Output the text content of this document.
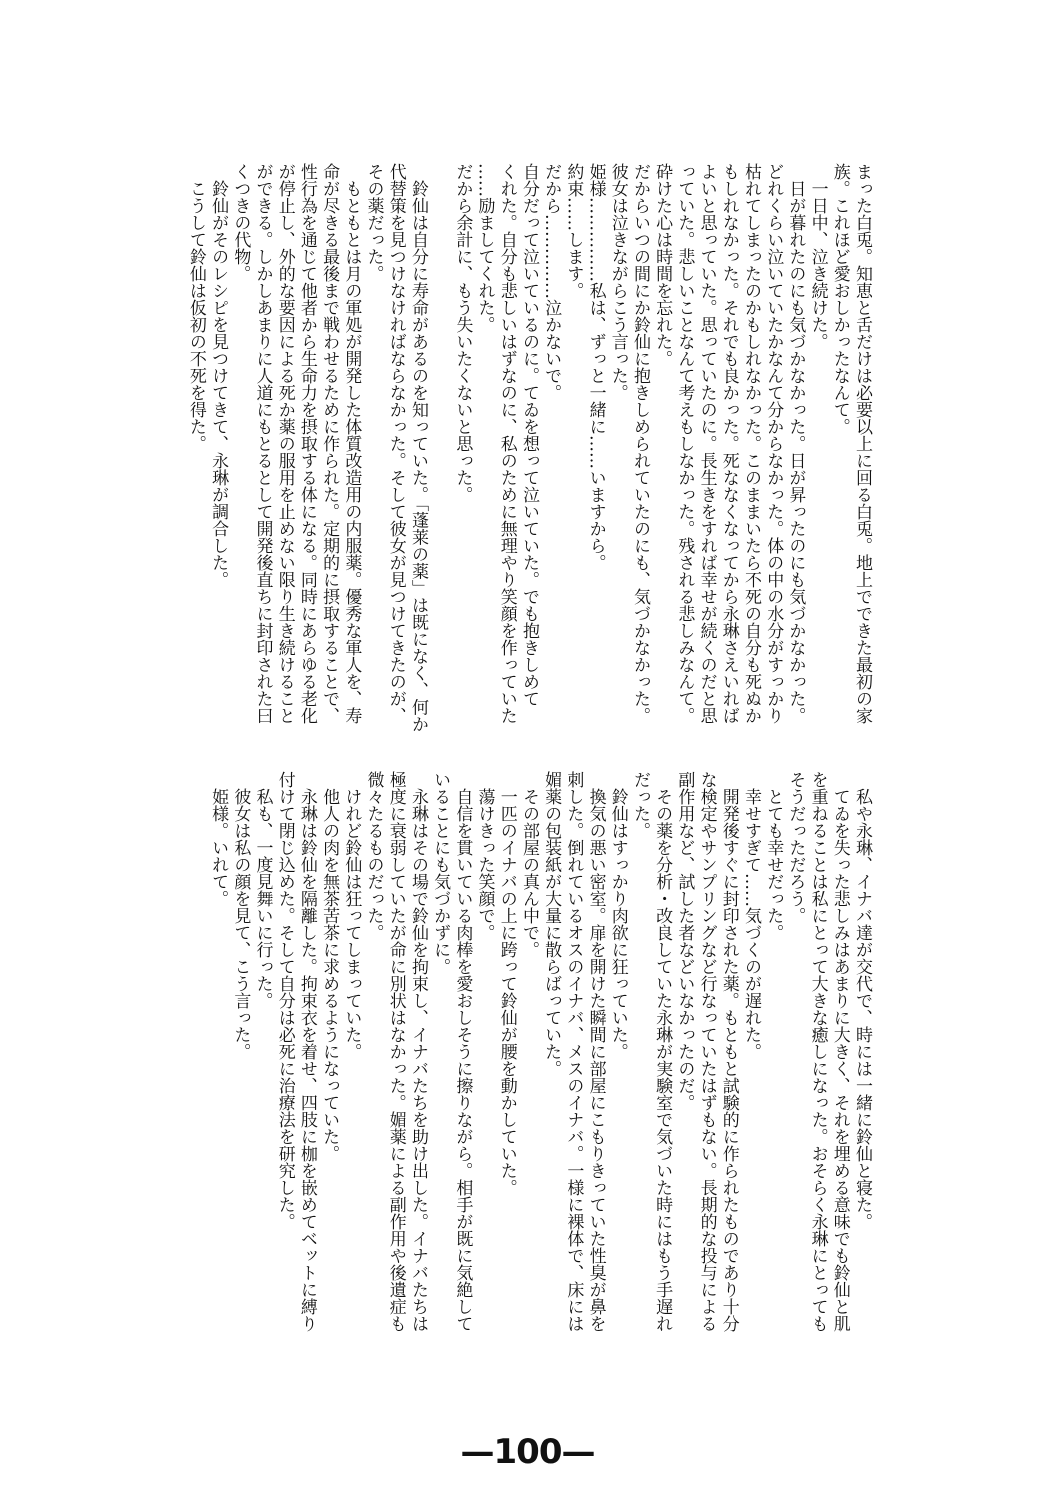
まった白兎。知恵と舌だけは必要以上に回る白兎。地上でできた最初の家
族。これほど愛おしかったなんて。
　一日中、泣き続けた。
　日が暮れたのにも気づかなかった。日が昇ったのにも気づかなかった。
どれくらい泣いていたかなんて分からなかった。体の中の水分がすっかり
枯れてしまったのかもしれなかった。このままいたら不死の自分も死ぬか
もしれなかった。それでも良かった。死ななくなってから永琳さえいれば
よいと思っていた。思っていたのに。長生きをすれば幸せが続くのだと思
っていた。悲しいことなんて考えもしなかった。残される悲しみなんて。
砕けた心は時間を忘れた。
だからいつの間にか鈴仙に抱きしめられていたのにも、気づかなかった。
彼女は泣きながらこう言った。
姫様……………私は、ずっと一緒に……いますから。
約束……します。
だから……………泣かないで。
自分だって泣いているのに。てゐを想って泣いていた。でも抱きしめて
くれた。自分も悲しいはずなのに、私のために無理やり笑顔を作っていた
……励ましてくれた。
だから余計に、もう失いたくないと思った。

　鈴仙は自分に寿命があるのを知っていた。「蓬莱の薬」は既になく、何か
代替策を見つけなければならなかった。そして彼女が見つけてきたのが、
その薬だった。
　もともとは月の軍処が開発した体質改造用の内服薬。優秀な軍人を、寿
命が尽きる最後まで戦わせるために作られた。定期的に摂取することで、
性行為を通じて他者から生命力を摂取する体になる。同時にあらゆる老化
が停止し、外的な要因による死か薬の服用を止めない限り生き続けること
ができる。しかしあまりに人道にもとるとして開発後直ちに封印された曰
くつきの代物。
　鈴仙がそのレシピを見つけてきて、永琳が調合した。
　こうして鈴仙は仮初の不死を得た。
　私や永琳、イナバ達が交代で、時には一緒に鈴仙と寝た。
　てゐを失った悲しみはあまりに大きく、それを埋める意味でも鈴仙と肌
を重ねることは私にとって大きな癒しになった。おそらく永琳にとっても
そうだっただろう。
　とても幸せだった。
　幸せすぎて……気づくのが遅れた。
　開発後すぐに封印された薬。もともと試験的に作られたものであり十分
な検定やサンプリングなど行なっていたはずもない。長期的な投与による
副作用など、試した者などいなかったのだ。
　その薬を分析・改良していた永琳が実験室で気づいた時にはもう手遅れ
だった。
　鈴仙はすっかり肉欲に狂っていた。
　換気の悪い密室。扉を開けた瞬間に部屋にこもりきっていた性臭が鼻を
刺した。倒れているオスのイナバ、メスのイナバ。一様に裸体で、床には
媚薬の包装紙が大量に散らばっていた。
　その部屋の真ん中で。
　一匹のイナバの上に跨って鈴仙が腰を動かしていた。
　蕩けきった笑顔で。
　自信を貫いている肉棒を愛おしそうに擦りながら。相手が既に気絶して
いることにも気づかずに。
　永琳はその場で鈴仙を拘束し、イナバたちを助け出した。イナバたちは
極度に衰弱していたが命に別状はなかった。媚薬による副作用や後遺症も
微々たるものだった。
　けれど鈴仙は狂ってしまっていた。
　他人の肉を無茶苦茶に求めるようになっていた。
　永琳は鈴仙を隔離した。拘束衣を着せ、四肢に枷を嵌めてベットに縛り
付けて閉じ込めた。そして自分は必死に治療法を研究した。
　私も、一度見舞いに行った。
　彼女は私の顔を見て、こう言った。
　姫様。いれて。
—100—
